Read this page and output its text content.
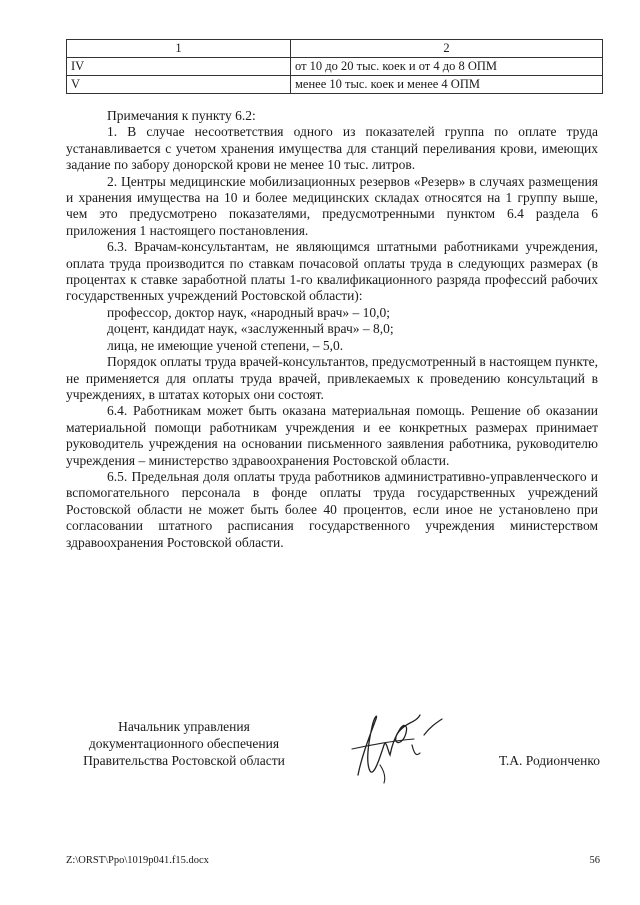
1	2
IV	от 10 до 20 тыс. коек и от 4 до 8 ОПМ
V	менее 10 тыс. коек и менее 4 ОПМ

Примечания к пункту 6.2:

1. В случае несоответствия одного из показателей группа по оплате труда устанавливается с учетом хранения имущества для станций переливания крови, имеющих задание по забору донорской крови не менее 10 тыс. литров.

2. Центры медицинские мобилизационных резервов «Резерв» в случаях размещения и хранения имущества на 10 и более медицинских складах относятся на 1 группу выше, чем это предусмотрено показателями, предусмотренными пунктом 6.4 раздела 6 приложения 1 настоящего постановления.

6.3. Врачам-консультантам, не являющимся штатными работниками учреждения, оплата труда производится по ставкам почасовой оплаты труда в следующих размерах (в процентах к ставке заработной платы 1-го квалификационного разряда профессий рабочих государственных учреждений Ростовской области):

профессор, доктор наук, «народный врач» – 10,0;

доцент, кандидат наук, «заслуженный врач» – 8,0;

лица, не имеющие ученой степени, – 5,0.

Порядок оплаты труда врачей-консультантов, предусмотренный в настоящем пункте, не применяется для оплаты труда врачей, привлекаемых к проведению консультаций в учреждениях, в штатах которых они состоят.

6.4. Работникам может быть оказана материальная помощь. Решение об оказании материальной помощи работникам учреждения и ее конкретных размерах принимает руководитель учреждения на основании письменного заявления работника, руководителю учреждения – министерство здравоохранения Ростовской области.

6.5. Предельная доля оплаты труда работников административно-управленческого и вспомогательного персонала в фонде оплаты труда государственных учреждений Ростовской области не может быть более 40 процентов, если иное не установлено при согласовании штатного расписания государственного учреждения министерством здравоохранения Ростовской области.

Начальник управления
документационного обеспечения
Правительства Ростовской области	Т.А. Родионченко
Z:\ORST\Ppo\1019p041.f15.docx	56
